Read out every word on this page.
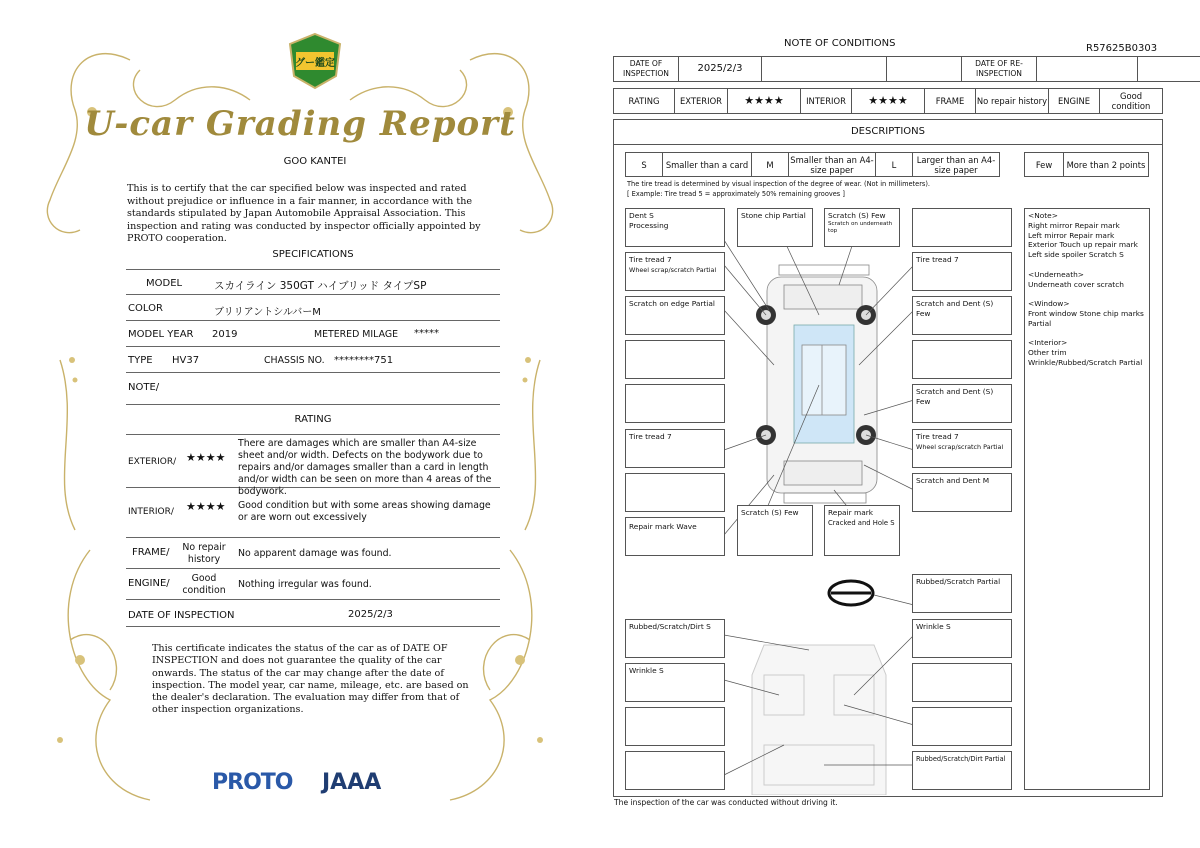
グー鑑定
U-car Grading Report
GOO KANTEI
This is to certify that the car specified below was inspected and rated without prejudice or influence in a fair manner, in accordance with the standards stipulated by Japan Automobile Appraisal Association. This inspection and rating was conducted by inspector officially appointed by PROTO cooperation.
SPECIFICATIONS
MODEL	スカイライン 350GT ハイブリッド タイプSP
COLOR	ブリリアントシルバーM
MODEL YEAR 2019	METERED MILAGE *****
TYPE HV37	CHASSIS NO. ********751
NOTE/
RATING
EXTERIOR/ ★★★★
There are damages which are smaller than A4-size sheet and/or width. Defects on the bodywork due to repairs and/or damages smaller than a card in length and/or width can be seen on more than 4 areas of the bodywork.
INTERIOR/ ★★★★ Good condition but with some areas showing damage or are worn out excessively
FRAME/	No repair history
No apparent damage was found.
ENGINE/	Good condition
Nothing irregular was found.
DATE OF INSPECTION	2025/2/3
This certificate indicates the status of the car as of DATE OF INSPECTION and does not guarantee the quality of the car onwards. The status of the car may change after the date of inspection. The model year, car name, mileage, etc. are based on the dealer's declaration. The evaluation may differ from that of other inspection organizations.
PROTO JAAA
NOTE OF CONDITIONS	R57625B0303
DATE OF INSPECTION	2025/2/3	DATE OF RE-INSPECTION
RATING	EXTERIOR	★★★★	INTERIOR	★★★★	FRAME	No repair history	ENGINE	Good condition
DESCRIPTIONS
S	Smaller than a card	M	Smaller than an A4-size paper	L	Larger than an A4-size paper	Few	More than 2 points
The tire tread is determined by visual inspection of the degree of wear. (Not in millimeters).
[ Example: Tire tread 5 = approximately 50% remaining grooves ]
Dent S
Processing
Stone chip Partial	Scratch (S) Few
Scratch on underneath top
Tire tread 7
Wheel scrap/scratch Partial
Tire tread 7
Scratch on edge Partial	Scratch and Dent (S) Few
Scratch and Dent (S) Few
Tire tread 7	Tire tread 7
Wheel scrap/scratch Partial
Scratch and Dent M
Repair mark Wave
Scratch (S) Few	Repair mark
Cracked and Hole S
Rubbed/Scratch Partial
Rubbed/Scratch/Dirt S	Wrinkle S
Wrinkle S
Rubbed/Scratch/Dirt Partial
<Note>
Right mirror Repair mark
Left mirror Repair mark
Exterior Touch up repair mark
Left side spoiler Scratch S
<Underneath>
Underneath cover scratch
<Window>
Front window Stone chip marks Partial
<Interior>
Other trim
Wrinkle/Rubbed/Scratch Partial
The inspection of the car was conducted without driving it.
